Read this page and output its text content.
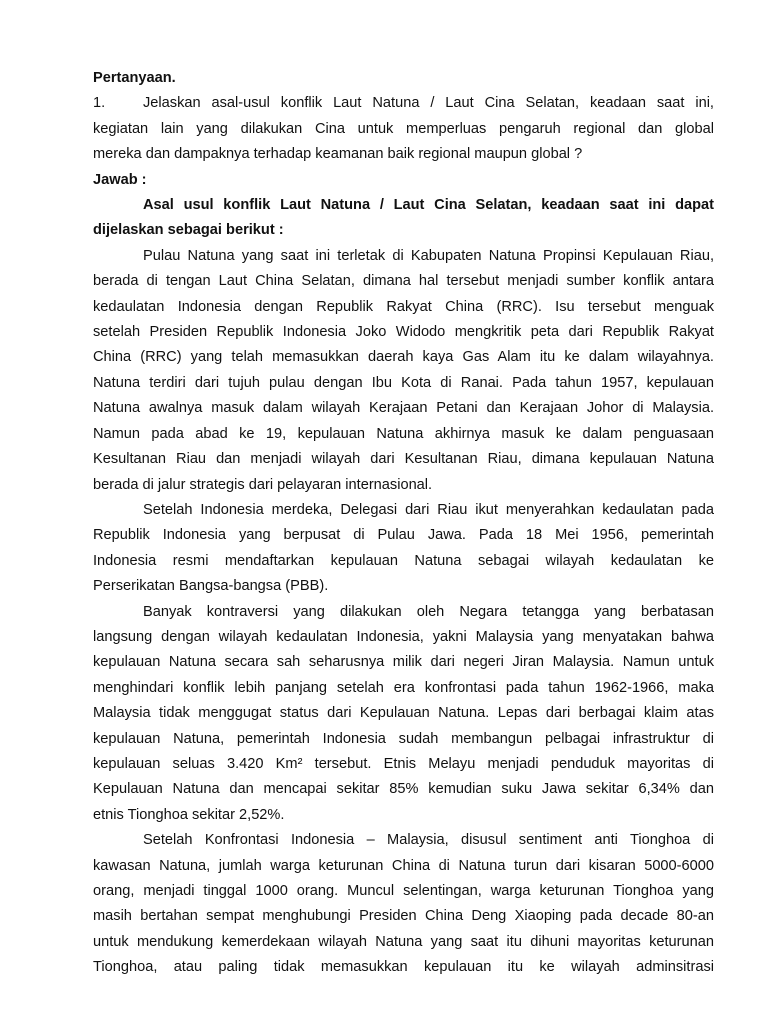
Pertanyaan.
1.	Jelaskan asal-usul konflik Laut Natuna / Laut Cina Selatan, keadaan saat ini,
kegiatan lain yang dilakukan Cina untuk memperluas pengaruh regional dan global
mereka dan dampaknya terhadap keamanan baik regional maupun global ?
Jawab :
Asal usul konflik Laut Natuna / Laut Cina Selatan, keadaan saat ini dapat
dijelaskan sebagai berikut :
Pulau Natuna yang saat ini terletak di Kabupaten Natuna Propinsi Kepulauan Riau,
berada di tengan Laut China Selatan, dimana hal tersebut menjadi sumber konflik antara
kedaulatan Indonesia dengan Republik Rakyat China (RRC). Isu tersebut menguak
setelah Presiden Republik Indonesia Joko Widodo mengkritik peta dari Republik Rakyat
China (RRC) yang telah memasukkan daerah kaya Gas Alam itu ke dalam wilayahnya.
Natuna terdiri dari tujuh pulau dengan Ibu Kota di Ranai. Pada tahun 1957, kepulauan
Natuna awalnya masuk dalam wilayah Kerajaan Petani dan Kerajaan Johor di Malaysia.
Namun pada abad ke 19, kepulauan Natuna akhirnya masuk ke dalam penguasaan
Kesultanan Riau dan menjadi wilayah dari Kesultanan Riau, dimana kepulauan Natuna
berada di jalur strategis dari pelayaran internasional.
Setelah Indonesia merdeka, Delegasi dari Riau ikut menyerahkan kedaulatan pada
Republik Indonesia yang berpusat di Pulau Jawa. Pada 18 Mei 1956, pemerintah
Indonesia resmi mendaftarkan kepulauan Natuna sebagai wilayah kedaulatan ke
Perserikatan Bangsa-bangsa (PBB).
Banyak kontraversi yang dilakukan oleh Negara tetangga yang berbatasan
langsung dengan wilayah kedaulatan Indonesia, yakni Malaysia yang menyatakan bahwa
kepulauan Natuna secara sah seharusnya milik dari negeri Jiran Malaysia. Namun untuk
menghindari konflik lebih panjang setelah era konfrontasi pada tahun 1962-1966, maka
Malaysia tidak menggugat status dari Kepulauan Natuna. Lepas dari berbagai klaim atas
kepulauan Natuna, pemerintah Indonesia sudah membangun pelbagai infrastruktur di
kepulauan seluas 3.420 Km² tersebut. Etnis Melayu menjadi penduduk mayoritas di
Kepulauan Natuna dan mencapai sekitar 85% kemudian suku Jawa sekitar 6,34% dan
etnis Tionghoa sekitar 2,52%.
Setelah Konfrontasi Indonesia – Malaysia, disusul sentiment anti Tionghoa di
kawasan Natuna, jumlah warga keturunan China di Natuna turun dari kisaran 5000-6000
orang, menjadi tinggal 1000 orang. Muncul selentingan, warga keturunan Tionghoa yang
masih bertahan sempat menghubungi Presiden China Deng Xiaoping pada decade 80-an
untuk mendukung kemerdekaan wilayah Natuna yang saat itu dihuni mayoritas keturunan
Tionghoa, atau paling tidak memasukkan kepulauan itu ke wilayah adminsitrasi
